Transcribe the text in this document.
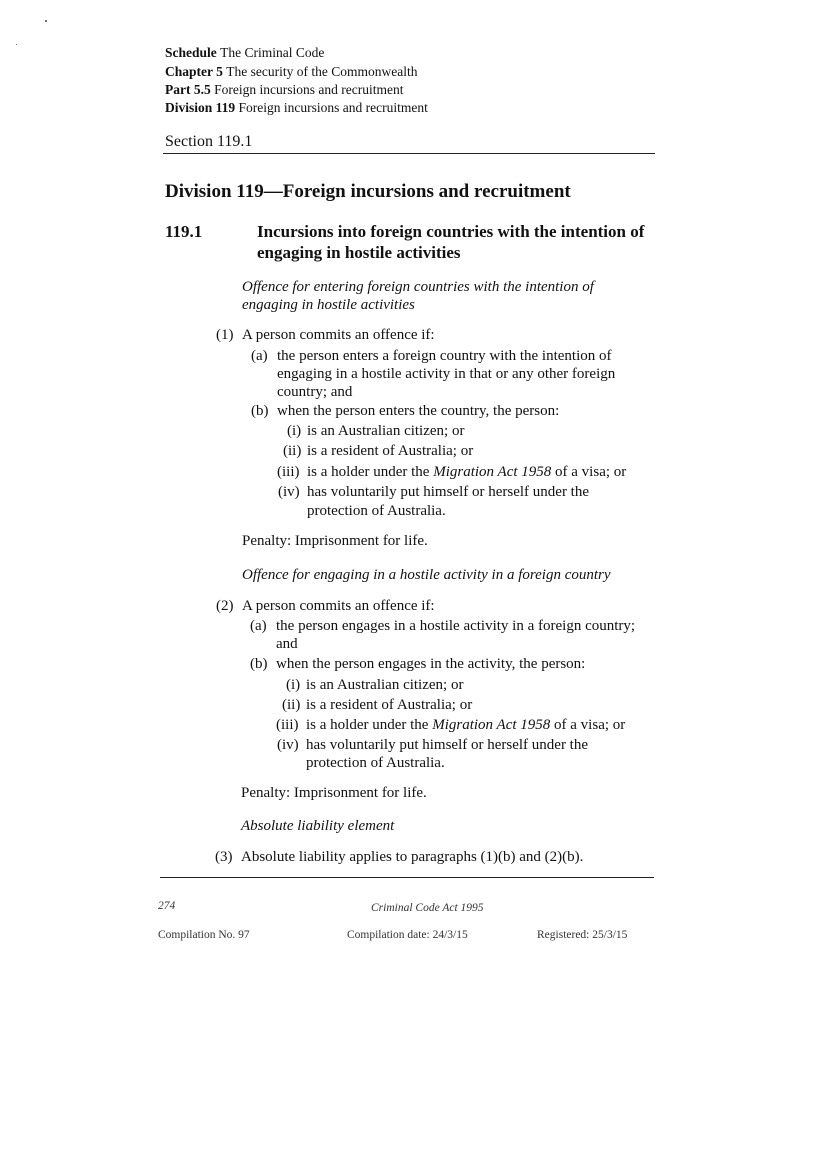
Schedule The Criminal Code
Chapter 5 The security of the Commonwealth
Part 5.5 Foreign incursions and recruitment
Division 119 Foreign incursions and recruitment
Section 119.1
Division 119—Foreign incursions and recruitment
119.1	Incursions into foreign countries with the intention of
engaging in hostile activities
Offence for entering foreign countries with the intention of
engaging in hostile activities
(1) A person commits an offence if:
(a) the person enters a foreign country with the intention of
engaging in a hostile activity in that or any other foreign
country; and
(b) when the person enters the country, the person:
(i) is an Australian citizen; or
(ii) is a resident of Australia; or
(iii) is a holder under the Migration Act 1958 of a visa; or
(iv) has voluntarily put himself or herself under the
protection of Australia.
Penalty: Imprisonment for life.
Offence for engaging in a hostile activity in a foreign country
(2) A person commits an offence if:
(a) the person engages in a hostile activity in a foreign country;
and
(b) when the person engages in the activity, the person:
(i) is an Australian citizen; or
(ii) is a resident of Australia; or
(iii) is a holder under the Migration Act 1958 of a visa; or
(iv) has voluntarily put himself or herself under the
protection of Australia.
Penalty: Imprisonment for life.
Absolute liability element
(3) Absolute liability applies to paragraphs (1)(b) and (2)(b).
274	Criminal Code Act 1995
Compilation No. 97	Compilation date: 24/3/15	Registered: 25/3/15
